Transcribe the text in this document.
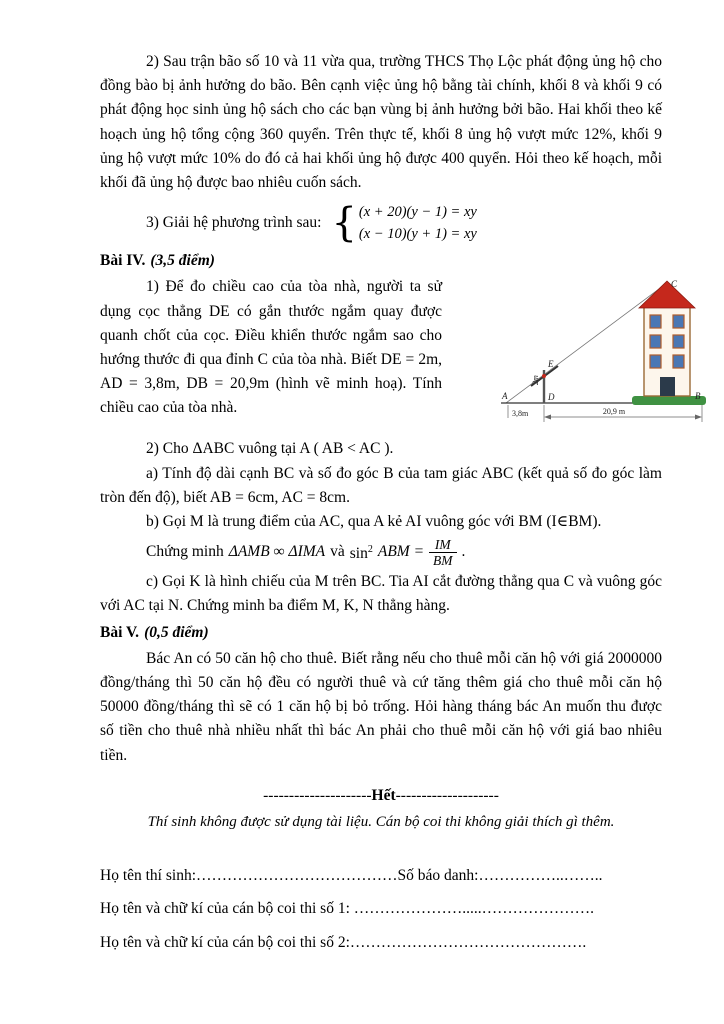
2) Sau trận bão số 10 và 11 vừa qua, trường THCS Thọ Lộc phát động ủng hộ cho đồng bào bị ảnh hưởng do bão. Bên cạnh việc ủng hộ bằng tài chính, khối 8 và khối 9 có phát động học sinh ủng hộ sách cho các bạn vùng bị ảnh hưởng bởi bão. Hai khối theo kế hoạch ủng hộ tổng cộng 360 quyển. Trên thực tế, khối 8 ủng hộ vượt mức 12%, khối 9 ủng hộ vượt mức 10% do đó cả hai khối ủng hộ được 400 quyển. Hỏi theo kế hoạch, mỗi khối đã ủng hộ được bao nhiêu cuốn sách.

3) Giải hệ phương trình sau: { (x + 20)(y − 1) = xy
(x − 10)(y + 1) = xy
Bài IV. (3,5 điểm)
C
E
A	D	B
2m
3,8m	20,9 m
1) Để đo chiều cao của tòa nhà, người ta sử dụng cọc thẳng DE có gắn thước ngắm quay được quanh chốt của cọc. Điều khiển thước ngắm sao cho hướng thước đi qua đỉnh C của tòa nhà. Biết DE = 2m, AD = 3,8m, DB = 20,9m (hình vẽ minh hoạ). Tính chiều cao của tòa nhà.

2) Cho ΔABC vuông tại A ( AB < AC ).

a) Tính độ dài cạnh BC và số đo góc B của tam giác ABC (kết quả số đo góc làm tròn đến độ), biết AB = 6cm, AC = 8cm.

b) Gọi M là trung điểm của AC, qua A kẻ AI vuông góc với BM (I∈BM).

Chứng minh ΔAMB ∞ ΔIMA và $\sin^2$ ABM = $\frac{IM}{BM}$ .

c) Gọi K là hình chiếu của M trên BC. Tia AI cắt đường thẳng qua C và vuông góc với AC tại N. Chứng minh ba điểm M, K, N thẳng hàng.

Bài V. (0,5 điểm)

Bác An có 50 căn hộ cho thuê. Biết rằng nếu cho thuê mỗi căn hộ với giá 2000000 đồng/tháng thì 50 căn hộ đều có người thuê và cứ tăng thêm giá cho thuê mỗi căn hộ 50000 đồng/tháng thì sẽ có 1 căn hộ bị bỏ trống. Hỏi hàng tháng bác An muốn thu được số tiền cho thuê nhà nhiều nhất thì bác An phải cho thuê mỗi căn hộ với giá bao nhiêu tiền.

---------------------Hết--------------------
Thí sinh không được sử dụng tài liệu. Cán bộ coi thi không giải thích gì thêm.

Họ tên thí sinh:…………………………………Số báo danh:……………..……..

Họ tên và chữ kí của cán bộ coi thi số 1: ………………….....………………….

Họ tên và chữ kí của cán bộ coi thi số 2:……………………………………….
